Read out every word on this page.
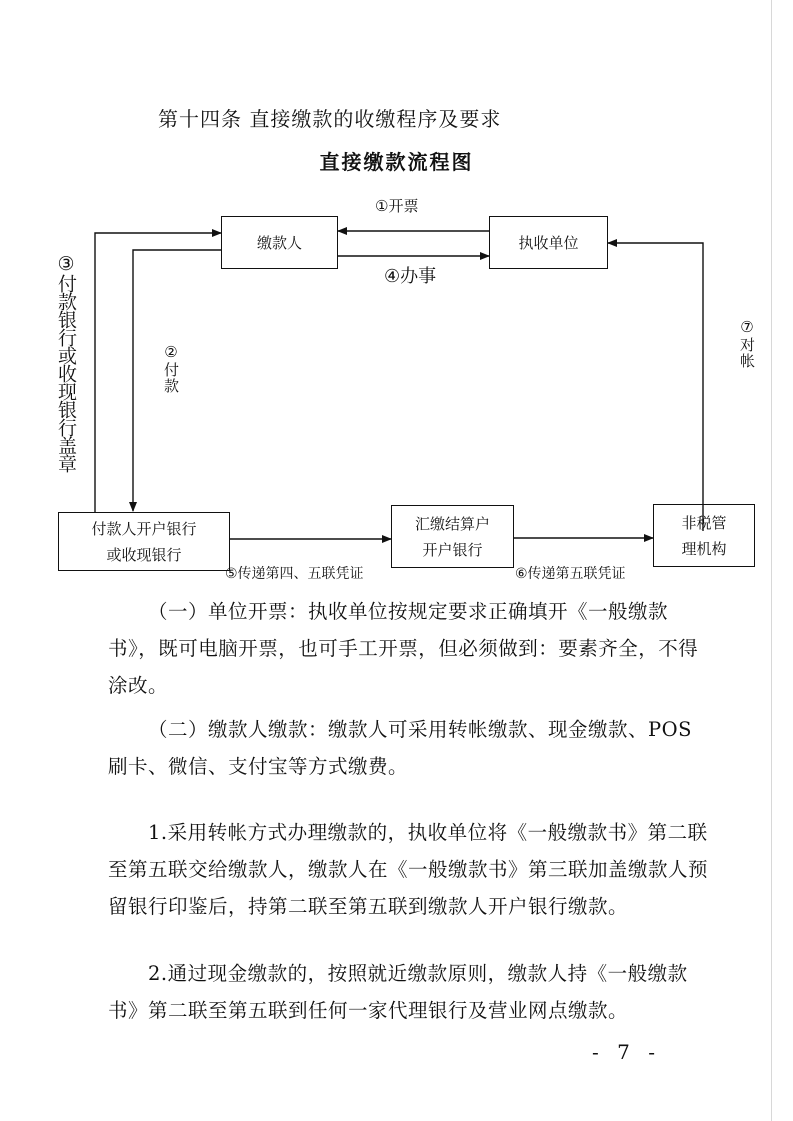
第十四条 直接缴款的收缴程序及要求
直接缴款流程图
缴款人	执收单位
付款人开户银行
或收现银行
汇缴结算户
开户银行
非税管
理机构
①开票
④办事
③付款银行或收现银行盖章	②付款	⑦对帐
⑤传递第四、五联凭证	⑥传递第五联凭证
（一）单位开票：执收单位按规定要求正确填开《一般缴款书》，既可电脑开票，也可手工开票，但必须做到：要素齐全，不得涂改。
（二）缴款人缴款：缴款人可采用转帐缴款、现金缴款、POS刷卡、微信、支付宝等方式缴费。
1.采用转帐方式办理缴款的，执收单位将《一般缴款书》第二联至第五联交给缴款人，缴款人在《一般缴款书》第三联加盖缴款人预留银行印鉴后，持第二联至第五联到缴款人开户银行缴款。
2.通过现金缴款的，按照就近缴款原则，缴款人持《一般缴款书》第二联至第五联到任何一家代理银行及营业网点缴款。
- 7 -
